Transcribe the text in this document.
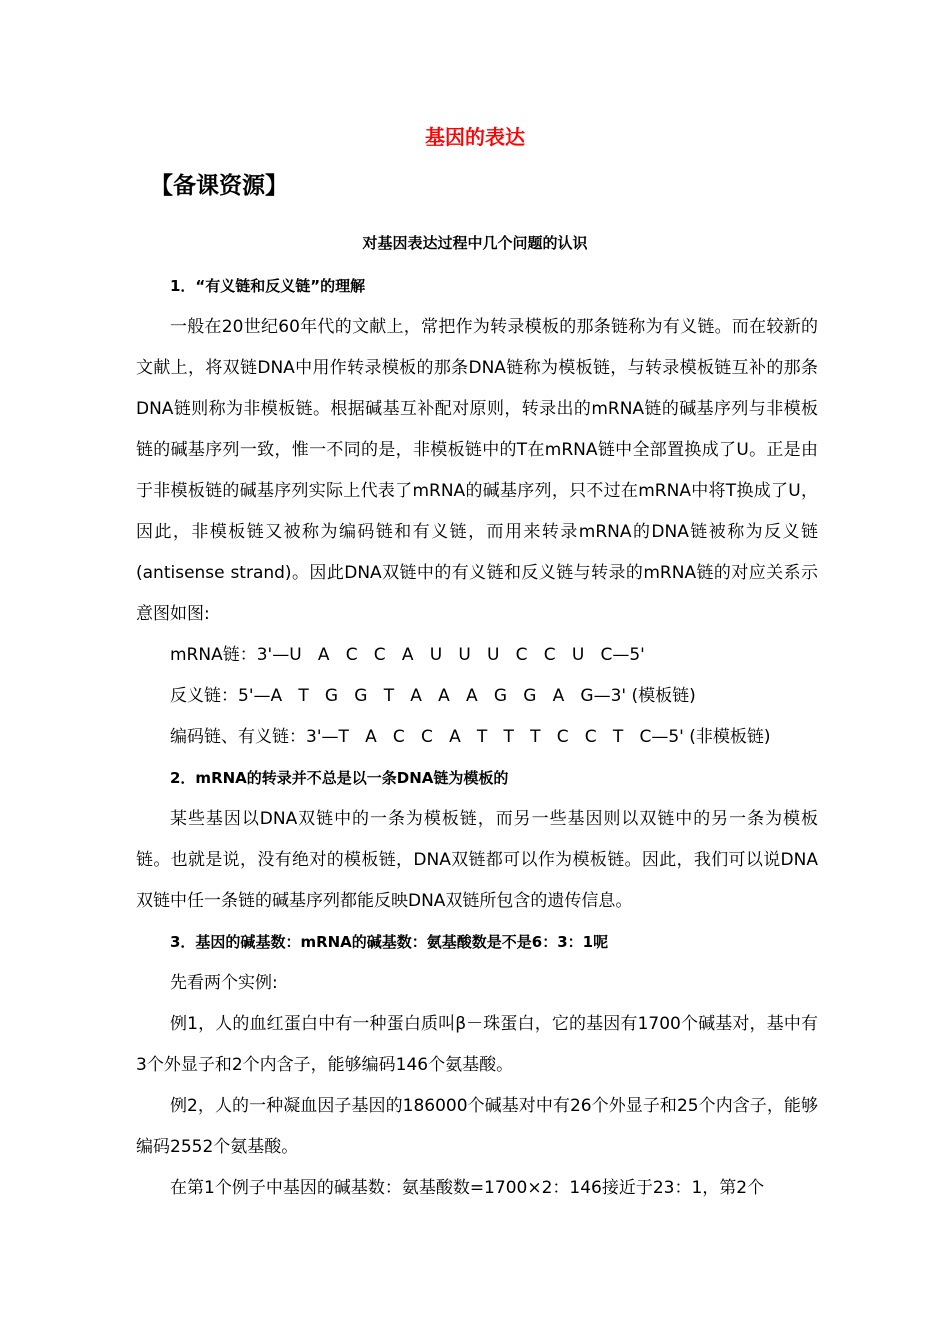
基因的表达
【备课资源】
对基因表达过程中几个问题的认识

1．“有义链和反义链”的理解

一般在20世纪60年代的文献上，常把作为转录模板的那条链称为有义链。而在较新的文献上，将双链DNA中用作转录模板的那条DNA链称为模板链，与转录模板链互补的那条DNA链则称为非模板链。根据碱基互补配对原则，转录出的mRNA链的碱基序列与非模板链的碱基序列一致，惟一不同的是，非模板链中的T在mRNA链中全部置换成了U。正是由于非模板链的碱基序列实际上代表了mRNA的碱基序列，只不过在mRNA中将T换成了U，因此，非模板链又被称为编码链和有义链，而用来转录mRNA的DNA链被称为反义链(antisense strand)。因此DNA双链中的有义链和反义链与转录的mRNA链的对应关系示意图如图:

mRNA链：3'—U   A   C   C   A   U   U   U   C   C   U   C—5'

反义链：5'—A   T   G   G   T   A   A   A   G   G   A   G—3' (模板链)

编码链、有义链：3'—T   A   C   C   A   T   T   T   C   C   T   C—5' (非模板链)

2．mRNA的转录并不总是以一条DNA链为模板的

某些基因以DNA双链中的一条为模板链，而另一些基因则以双链中的另一条为模板链。也就是说，没有绝对的模板链，DNA双链都可以作为模板链。因此，我们可以说DNA双链中任一条链的碱基序列都能反映DNA双链所包含的遗传信息。

3．基因的碱基数：mRNA的碱基数：氨基酸数是不是6：3：1呢

先看两个实例:

例1，人的血红蛋白中有一种蛋白质叫β－珠蛋白，它的基因有1700个碱基对，基中有3个外显子和2个内含子，能够编码146个氨基酸。

例2，人的一种凝血因子基因的186000个碱基对中有26个外显子和25个内含子，能够编码2552个氨基酸。

在第1个例子中基因的碱基数：氨基酸数=1700×2：146接近于23：1，第2个
